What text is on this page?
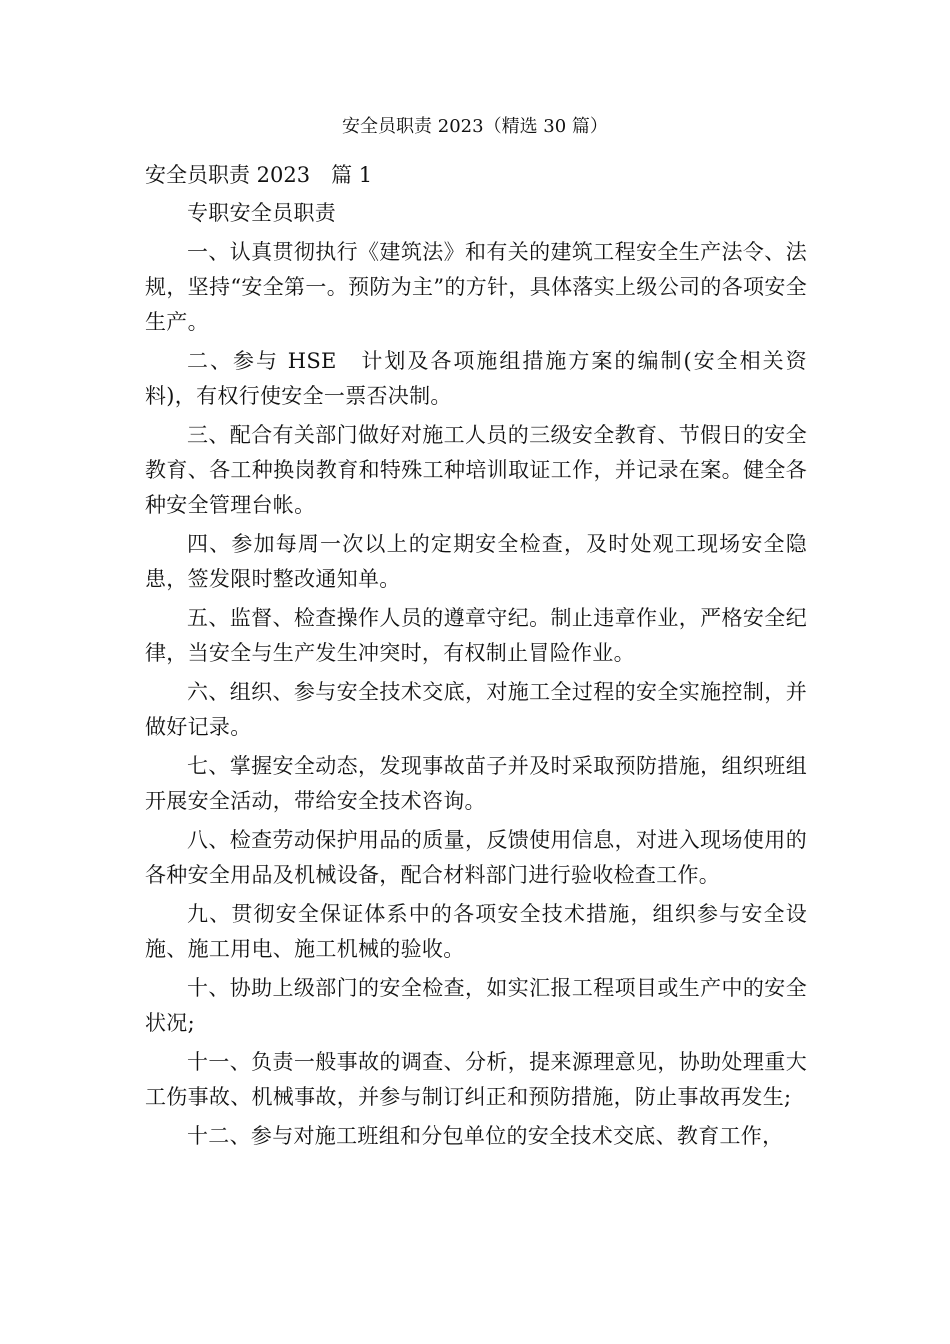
安全员职责 2023（精选 30 篇）
安全员职责 2023　篇 1

专职安全员职责

一、认真贯彻执行《建筑法》和有关的建筑工程安全生产法令、法规，坚持“安全第一。预防为主”的方针，具体落实上级公司的各项安全生产。

二、参与 HSE　计划及各项施组措施方案的编制(安全相关资料)，有权行使安全一票否决制。

三、配合有关部门做好对施工人员的三级安全教育、节假日的安全教育、各工种换岗教育和特殊工种培训取证工作，并记录在案。健全各种安全管理台帐。

四、参加每周一次以上的定期安全检查，及时处观工现场安全隐患，签发限时整改通知单。

五、监督、检查操作人员的遵章守纪。制止违章作业，严格安全纪律，当安全与生产发生冲突时，有权制止冒险作业。

六、组织、参与安全技术交底，对施工全过程的安全实施控制，并做好记录。

七、掌握安全动态，发现事故苗子并及时采取预防措施，组织班组开展安全活动，带给安全技术咨询。

八、检查劳动保护用品的质量，反馈使用信息，对进入现场使用的各种安全用品及机械设备，配合材料部门进行验收检查工作。

九、贯彻安全保证体系中的各项安全技术措施，组织参与安全设施、施工用电、施工机械的验收。

十、协助上级部门的安全检查，如实汇报工程项目或生产中的安全状况;

十一、负责一般事故的调查、分析，提来源理意见，协助处理重大工伤事故、机械事故，并参与制订纠正和预防措施，防止事故再发生;

十二、参与对施工班组和分包单位的安全技术交底、教育工作，
